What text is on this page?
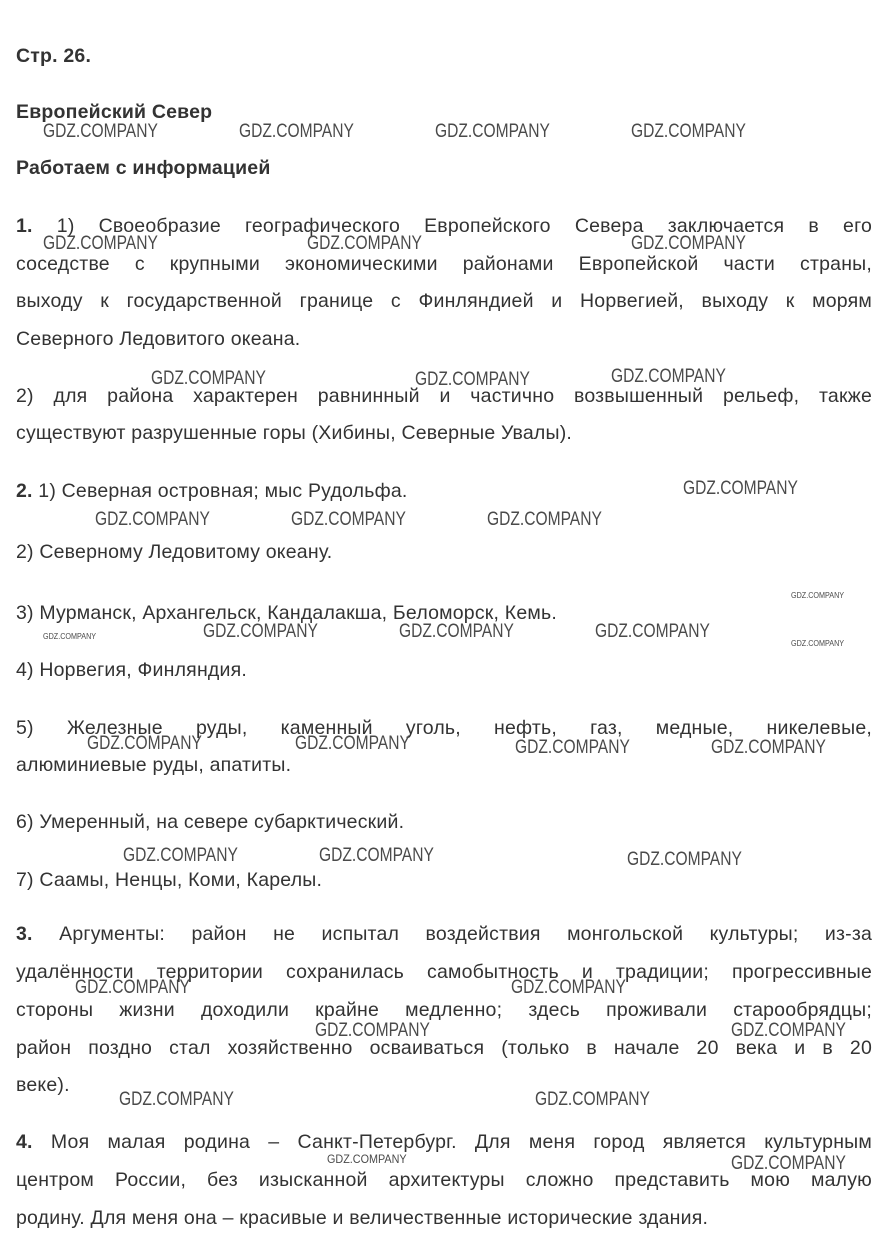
Стр. 26.
Европейский Север
Работаем с информацией
1. 1) Своеобразие географического Европейского Севера заключается в его
соседстве с крупными экономическими районами Европейской части страны,
выходу к государственной границе с Финляндией и Норвегией, выходу к морям
Северного Ледовитого океана.
2) для района характерен равнинный и частично возвышенный рельеф, также
существуют разрушенные горы (Хибины, Северные Увалы).
2. 1) Северная островная; мыс Рудольфа.
2) Северному Ледовитому океану.
3) Мурманск, Архангельск, Кандалакша, Беломорск, Кемь.
4) Норвегия, Финляндия.
5) Железные руды, каменный уголь, нефть, газ, медные, никелевые,
алюминиевые руды, апатиты.
6) Умеренный, на севере субарктический.
7) Саамы, Ненцы, Коми, Карелы.
3. Аргументы: район не испытал воздействия монгольской культуры; из-за
удалённости территории сохранилась самобытность и традиции; прогрессивные
стороны жизни доходили крайне медленно; здесь проживали старообрядцы;
район поздно стал хозяйственно осваиваться (только в начале 20 века и в 20
веке).
4. Моя малая родина – Санкт-Петербург. Для меня город является культурным
центром России, без изысканной архитектуры сложно представить мою малую
родину. Для меня она – красивые и величественные исторические здания.
GDZ.COMPANY	GDZ.COMPANY	GDZ.COMPANY	GDZ.COMPANY
GDZ.COMPANY	GDZ.COMPANY	GDZ.COMPANY
GDZ.COMPANY	GDZ.COMPANY	GDZ.COMPANY
GDZ.COMPANY
GDZ.COMPANY	GDZ.COMPANY	GDZ.COMPANY
GDZ.COMPANY
GDZ.COMPANY	GDZ.COMPANY	GDZ.COMPANY	GDZ.COMPANY
GDZ.COMPANY
GDZ.COMPANY	GDZ.COMPANY	GDZ.COMPANY	GDZ.COMPANY
GDZ.COMPANY	GDZ.COMPANY	GDZ.COMPANY
GDZ.COMPANY	GDZ.COMPANY
GDZ.COMPANY	GDZ.COMPANY
GDZ.COMPANY	GDZ.COMPANY
GDZ.COMPANY	GDZ.COMPANY
